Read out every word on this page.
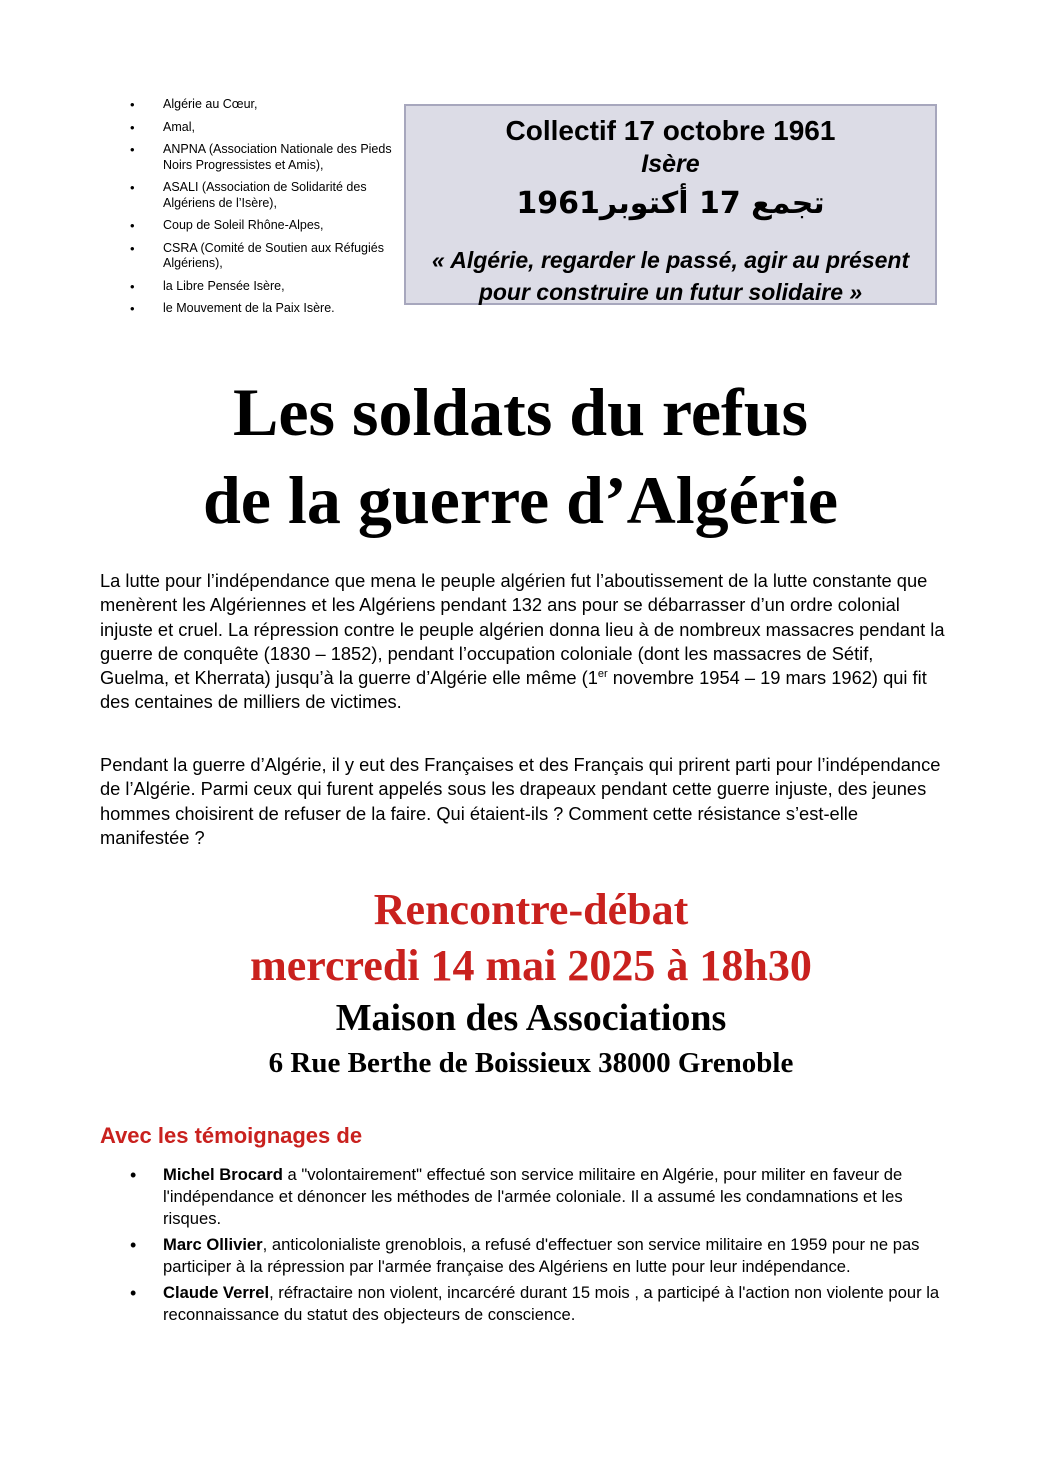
• Algérie au Cœur,
• Amal,
• ANPNA (Association Nationale des Pieds Noirs Progressistes et Amis),
• ASALI (Association de Solidarité des Algériens de l’Isère),
• Coup de Soleil Rhône-Alpes,
• CSRA (Comité de Soutien aux Réfugiés Algériens),
• la Libre Pensée Isère,
• le Mouvement de la Paix Isère.
Collectif 17 octobre 1961
Isère
تجمع 17 أكتوبر1961
« Algérie, regarder le passé, agir au présent
pour construire un futur solidaire »
Les soldats du refus
de la guerre d’Algérie

La lutte pour l’indépendance que mena le peuple algérien fut l’aboutissement de la lutte constante que menèrent les Algériennes et les Algériens pendant 132 ans pour se débarrasser d’un ordre colonial injuste et cruel. La répression contre le peuple algérien donna lieu à de nombreux massacres pendant la guerre de conquête (1830 – 1852), pendant l’occupation coloniale (dont les massacres de Sétif, Guelma, et Kherrata) jusqu’à la guerre d’Algérie elle même (1er novembre 1954 – 19 mars 1962) qui fit des centaines de milliers de victimes.

Pendant la guerre d’Algérie, il y eut des Françaises et des Français qui prirent parti pour l’indépendance de l’Algérie. Parmi ceux qui furent appelés sous les drapeaux pendant cette guerre injuste, des jeunes hommes choisirent de refuser de la faire. Qui étaient-ils ? Comment cette résistance s’est-elle manifestée ?

Rencontre-débat
mercredi 14 mai 2025 à 18h30
Maison des Associations
6 Rue Berthe de Boissieux 38000 Grenoble
Avec les témoignages de
• Michel Brocard a "volontairement" effectué son service militaire en Algérie, pour militer en faveur de l'indépendance et dénoncer les méthodes de l'armée coloniale. Il a assumé les condamnations et les risques.
• Marc Ollivier, anticolonialiste grenoblois, a refusé d'effectuer son service militaire en 1959 pour ne pas participer à la répression par l'armée française des Algériens en lutte pour leur indépendance.
• Claude Verrel, réfractaire non violent, incarcéré durant 15 mois , a participé à l'action non violente pour la reconnaissance du statut des objecteurs de conscience.
